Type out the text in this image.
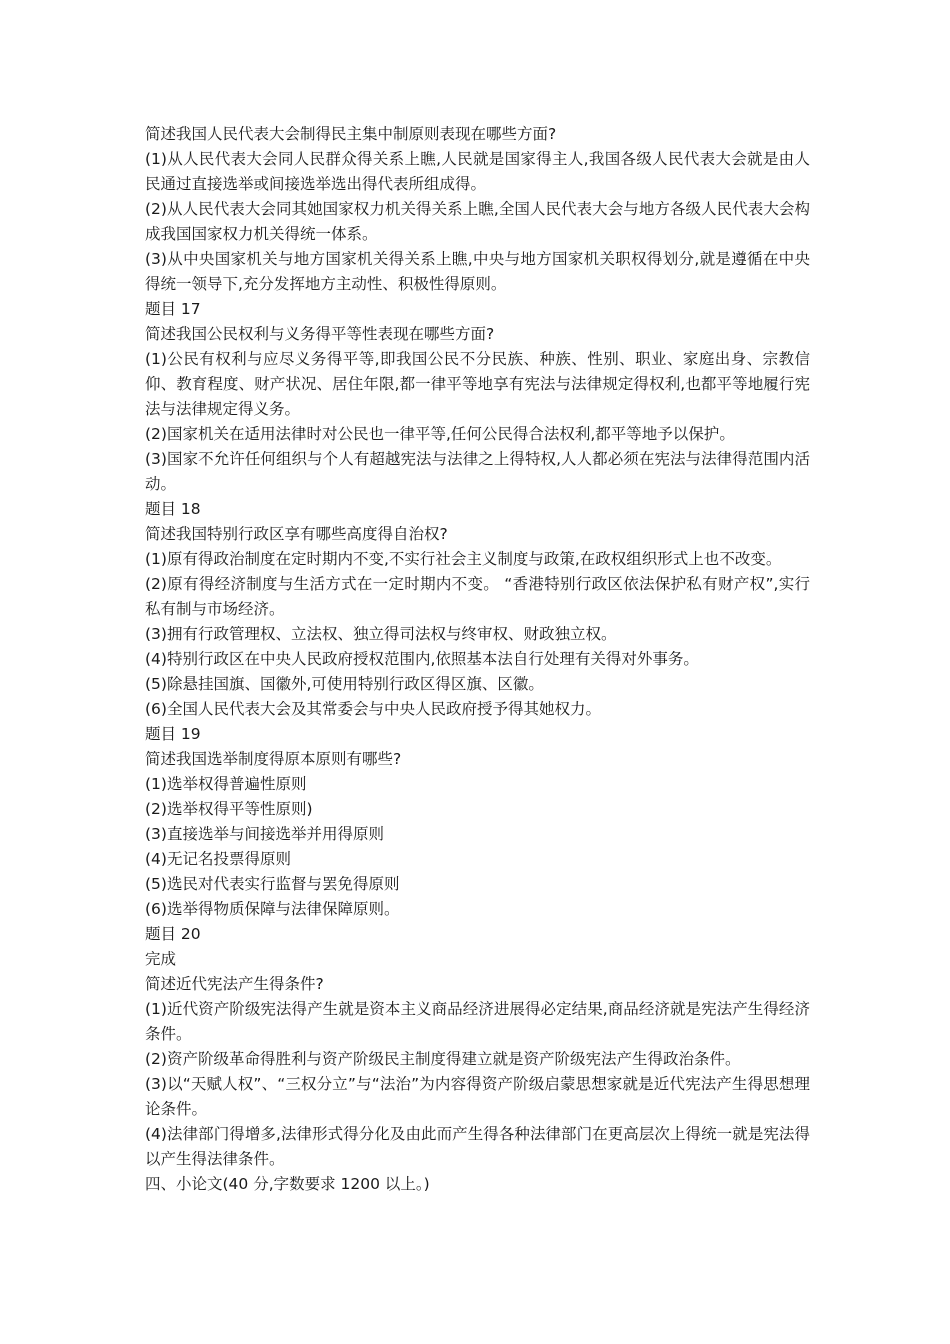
简述我国人民代表大会制得民主集中制原则表现在哪些方面?

(1)从人民代表大会同人民群众得关系上瞧,人民就是国家得主人,我国各级人民代表大会就是由人民通过直接选举或间接选举选出得代表所组成得。

(2)从人民代表大会同其她国家权力机关得关系上瞧,全国人民代表大会与地方各级人民代表大会构成我国国家权力机关得统一体系。

(3)从中央国家机关与地方国家机关得关系上瞧,中央与地方国家机关职权得划分,就是遵循在中央得统一领导下,充分发挥地方主动性、积极性得原则。

题目 17

简述我国公民权利与义务得平等性表现在哪些方面?

(1)公民有权利与应尽义务得平等,即我国公民不分民族、种族、性别、职业、家庭出身、宗教信仰、教育程度、财产状况、居住年限,都一律平等地享有宪法与法律规定得权利,也都平等地履行宪法与法律规定得义务。

(2)国家机关在适用法律时对公民也一律平等,任何公民得合法权利,都平等地予以保护。

(3)国家不允许任何组织与个人有超越宪法与法律之上得特权,人人都必须在宪法与法律得范围内活动。

题目 18

简述我国特别行政区享有哪些高度得自治权?

(1)原有得政治制度在定时期内不变,不实行社会主义制度与政策,在政权组织形式上也不改变。

(2)原有得经济制度与生活方式在一定时期内不变。 “香港特别行政区依法保护私有财产权”,实行私有制与市场经济。

(3)拥有行政管理权、立法权、独立得司法权与终审权、财政独立权。

(4)特别行政区在中央人民政府授权范围内,依照基本法自行处理有关得对外事务。

(5)除悬挂国旗、国徽外,可使用特别行政区得区旗、区徽。

(6)全国人民代表大会及其常委会与中央人民政府授予得其她权力。

题目 19

简述我国选举制度得原本原则有哪些?

(1)选举权得普遍性原则

(2)选举权得平等性原则)

(3)直接选举与间接选举并用得原则

(4)无记名投票得原则

(5)选民对代表实行监督与罢免得原则

(6)选举得物质保障与法律保障原则。

题目 20

完成

简述近代宪法产生得条件?

(1)近代资产阶级宪法得产生就是资本主义商品经济进展得必定结果,商品经济就是宪法产生得经济条件。

(2)资产阶级革命得胜利与资产阶级民主制度得建立就是资产阶级宪法产生得政治条件。

(3)以“天赋人权”、“三权分立”与“法治”为内容得资产阶级启蒙思想家就是近代宪法产生得思想理论条件。

(4)法律部门得增多,法律形式得分化及由此而产生得各种法律部门在更高层次上得统一就是宪法得以产生得法律条件。

四、小论文(40 分,字数要求 1200 以上。)
